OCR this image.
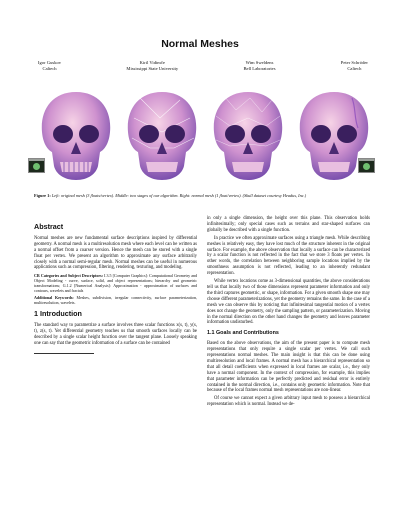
Normal Meshes
Igor Guskov
Caltech
Kiril Vidimče
Mississippi State University
Wim Sweldens
Bell Laboratories
Peter Schröder
Caltech
Figure 1: Left: original mesh (3 floats/vertex). Middle: two stages of our algorithm. Right: normal mesh (1 float/vertex). (Skull dataset courtesy Headus, Inc.)
Abstract

Normal meshes are new fundamental surface descriptions inspired by differential geometry. A normal mesh is a multiresolution mesh where each level can be written as a normal offset from a coarser version. Hence the mesh can be stored with a single float per vertex. We present an algorithm to approximate any surface arbitrarily closely with a normal semi-regular mesh. Normal meshes can be useful in numerous applications such as compression, filtering, rendering, texturing, and modeling.

CR Categories and Subject Descriptors: I.3.5 [Computer Graphics]: Computational Geometry and Object Modeling - curve, surface, solid, and object representations; hierarchy and geometric transformations; G.1.2 [Numerical Analysis]: Approximation - approximation of surfaces and contours, wavelets and fractals

Additional Keywords: Meshes, subdivision, irregular connectivity, surface parameterization, multiresolution, wavelets.

1 Introduction

The standard way to parametrize a surface involves three scalar functions x(s, t), y(s, t), z(s, t). Yet differential geometry teaches us that smooth surfaces locally can be described by a single scalar height function over the tangent plane. Loosely speaking one can say that the geometric information of a surface can be contained

in only a single dimension, the height over this plane. This observation holds infinitesimally; only special cases such as terrains and star-shaped surfaces can globally be described with a single function.

In practice we often approximate surfaces using a triangle mesh. While describing meshes is relatively easy, they have lost much of the structure inherent in the original surface. For example, the above observation that locally a surface can be characterized by a scalar function is not reflected in the fact that we store 3 floats per vertex. In other words, the correlation between neighboring sample locations implied by the smoothness assumption is not reflected, leading to an inherently redundant representation.

While vertex locations come as 3-dimensional quantities, the above considerations tell us that locally two of those dimensions represent parameter information and only the third captures geometric, or shape, information. For a given smooth shape one may choose different parameterizations, yet the geometry remains the same. In the case of a mesh we can observe this by noticing that infinitesimal tangential motion of a vertex does not change the geometry, only the sampling pattern, or parameterization. Moving in the normal direction on the other hand changes the geometry and leaves parameter information undisturbed.

1.1 Goals and Contributions

Based on the above observations, the aim of the present paper is to compute mesh representations that only require a single scalar per vertex. We call such representations normal meshes. The main insight is that this can be done using multiresolution and local frames. A normal mesh has a hierarchical representation so that all detail coefficients when expressed in local frames are scalar, i.e., they only have a normal component. In the context of compression, for example, this implies that parameter information can be perfectly predicted and residual error is entirely contained in the normal direction, i.e., contains only geometric information. Note that because of the local frames normal mesh representations are non-linear.

Of course we cannot expect a given arbitrary input mesh to possess a hierarchical representation which is normal. Instead we de-
